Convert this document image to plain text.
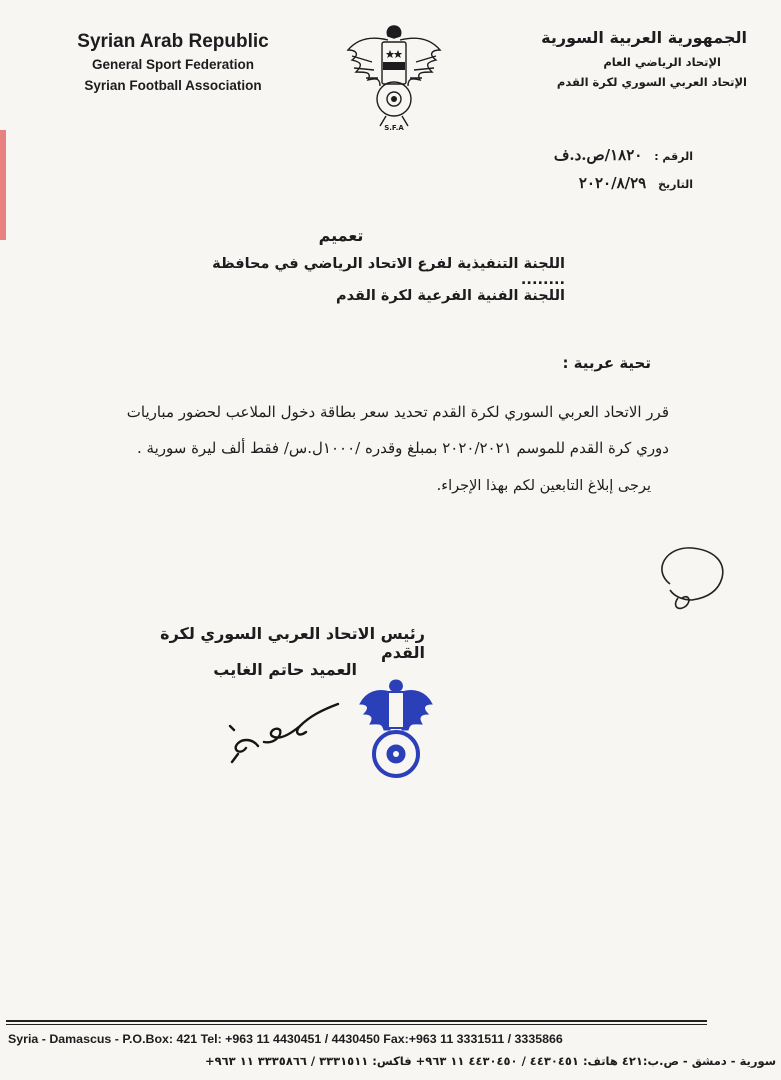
Syrian Arab Republic
General Sport Federation
Syrian Football Association
S.F.A
الجمهورية العربية السورية
الإتحاد الرياضي العام
الإتحاد العربي السوري لكرة القدم
الرقم : ١٨٢٠/ص.د.ف
التاريخ ٢٠٢٠/٨/٢٩
تعميم
اللجنة التنفيذية لفرع الاتحاد الرياضي في محافظة ........
اللجنة الفنية الفرعية لكرة القدم
تحية عربية :
قرر الاتحاد العربي السوري لكرة القدم تحديد سعر بطاقة دخول الملاعب لحضور مباريات
دوري كرة القدم للموسم ٢٠٢٠/٢٠٢١ بمبلغ وقدره /١٠٠٠ل.س/ فقط ألف ليرة سورية .
يرجى إبلاغ التابعين لكم بهذا الإجراء.
رئيس الاتحاد العربي السوري لكرة القدم
العميد حاتم الغايب
Syria - Damascus - P.O.Box: 421 Tel: +963 11 4430451 / 4430450 Fax:+963 11 3331511 / 3335866
سورية - دمشق - ص.ب:٤٢١ هاتف: ٤٤٣٠٤٥١ / ٤٤٣٠٤٥٠ ١١ ٩٦٣+ فاكس: ٣٣٣١٥١١ / ٣٣٣٥٨٦٦ ١١ ٩٦٣+
